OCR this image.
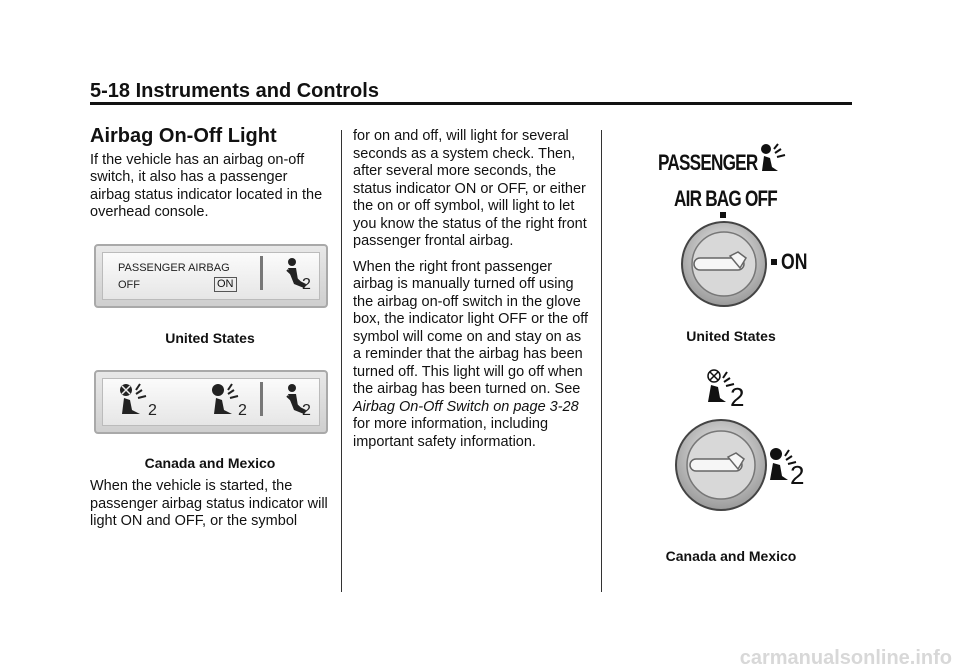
5-18 Instruments and Controls
Airbag On-Off Light

If the vehicle has an airbag on-off switch, it also has a passenger airbag status indicator located in the overhead console.

PASSENGER AIRBAG
OFF	ON	2
United States
2	2	2
Canada and Mexico

When the vehicle is started, the passenger airbag status indicator will light ON and OFF, or the symbol

for on and off, will light for several seconds as a system check. Then, after several more seconds, the status indicator ON or OFF, or either the on or off symbol, will light to let you know the status of the right front passenger frontal airbag.

When the right front passenger airbag is manually turned off using the airbag on-off switch in the glove box, the indicator light OFF or the off symbol will come on and stay on as a reminder that the airbag has been turned off. This light will go off when the airbag has been turned on. See Airbag On-Off Switch on page 3-28 for more information, including important safety information.

PASSENGER
AIR BAG OFF
ON
United States
2
2
Canada and Mexico
carmanualsonline.info
